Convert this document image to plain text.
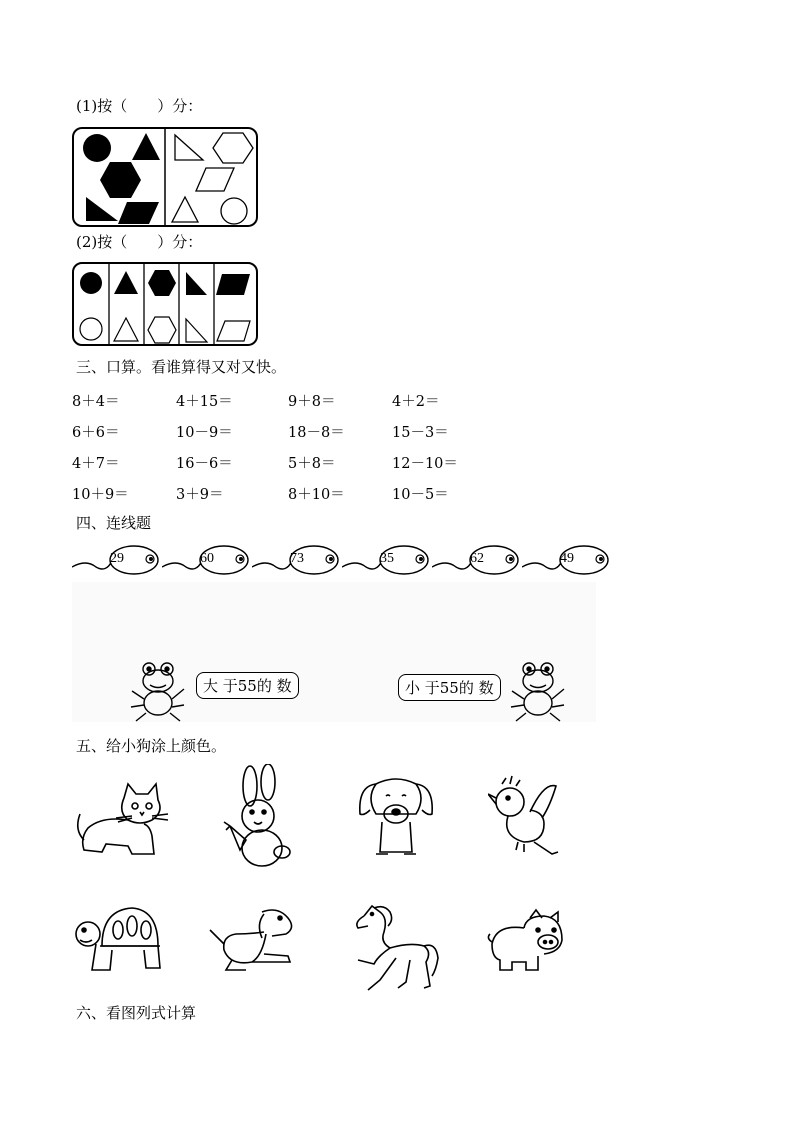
(1)按（　　）分：
(2)按（　　）分：
三、口算。看谁算得又对又快。
8＋4＝	4＋15＝	9＋8＝	4＋2＝
6＋6＝	10－9＝	18－8＝	15－3＝
4＋7＝	16－6＝	5＋8＝	12－10＝
10＋9＝	3＋9＝	8＋10＝	10－5＝
四、连线题
29	60	73	35	62	49
大 于55的 数	小 于55的 数
五、给小狗涂上颜色。
六、看图列式计算
